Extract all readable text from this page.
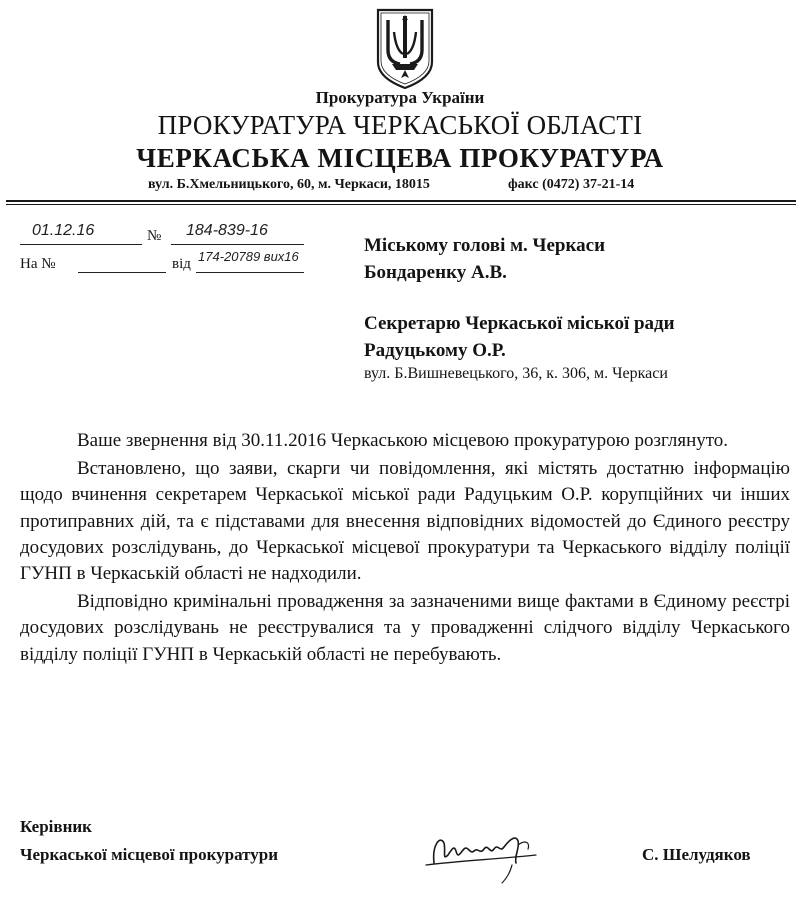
Прокуратура України
ПРОКУРАТУРА ЧЕРКАСЬКОЇ ОБЛАСТІ
ЧЕРКАСЬКА МІСЦЕВА ПРОКУРАТУРА
вул. Б.Хмельницького, 60, м. Черкаси, 18015	факс (0472) 37-21-14
01.12.16	№ 184-839-16
На №	від 174-20789 вих16
Міському голові м. Черкаси
Бондаренку А.В.
Секретарю Черкаської міської ради
Радуцькому О.Р.
вул. Б.Вишневецького, 36, к. 306, м. Черкаси

Ваше звернення від 30.11.2016 Черкаською місцевою прокуратурою розглянуто.

Встановлено, що заяви, скарги чи повідомлення, які містять достатню інформацію щодо вчинення секретарем Черкаської міської ради Радуцьким О.Р. корупційних чи інших протиправних дій, та є підставами для внесення відповідних відомостей до Єдиного реєстру досудових розслідувань, до Черкаської місцевої прокуратури та Черкаського відділу поліції ГУНП в Черкаській області не надходили.

Відповідно кримінальні провадження за зазначеними вище фактами в Єдиному реєстрі досудових розслідувань не реєструвалися та у провадженні слідчого відділу Черкаського відділу поліції ГУНП в Черкаській області не перебувають.

Керівник
Черкаської місцевої прокуратури	С. Шелудяков
